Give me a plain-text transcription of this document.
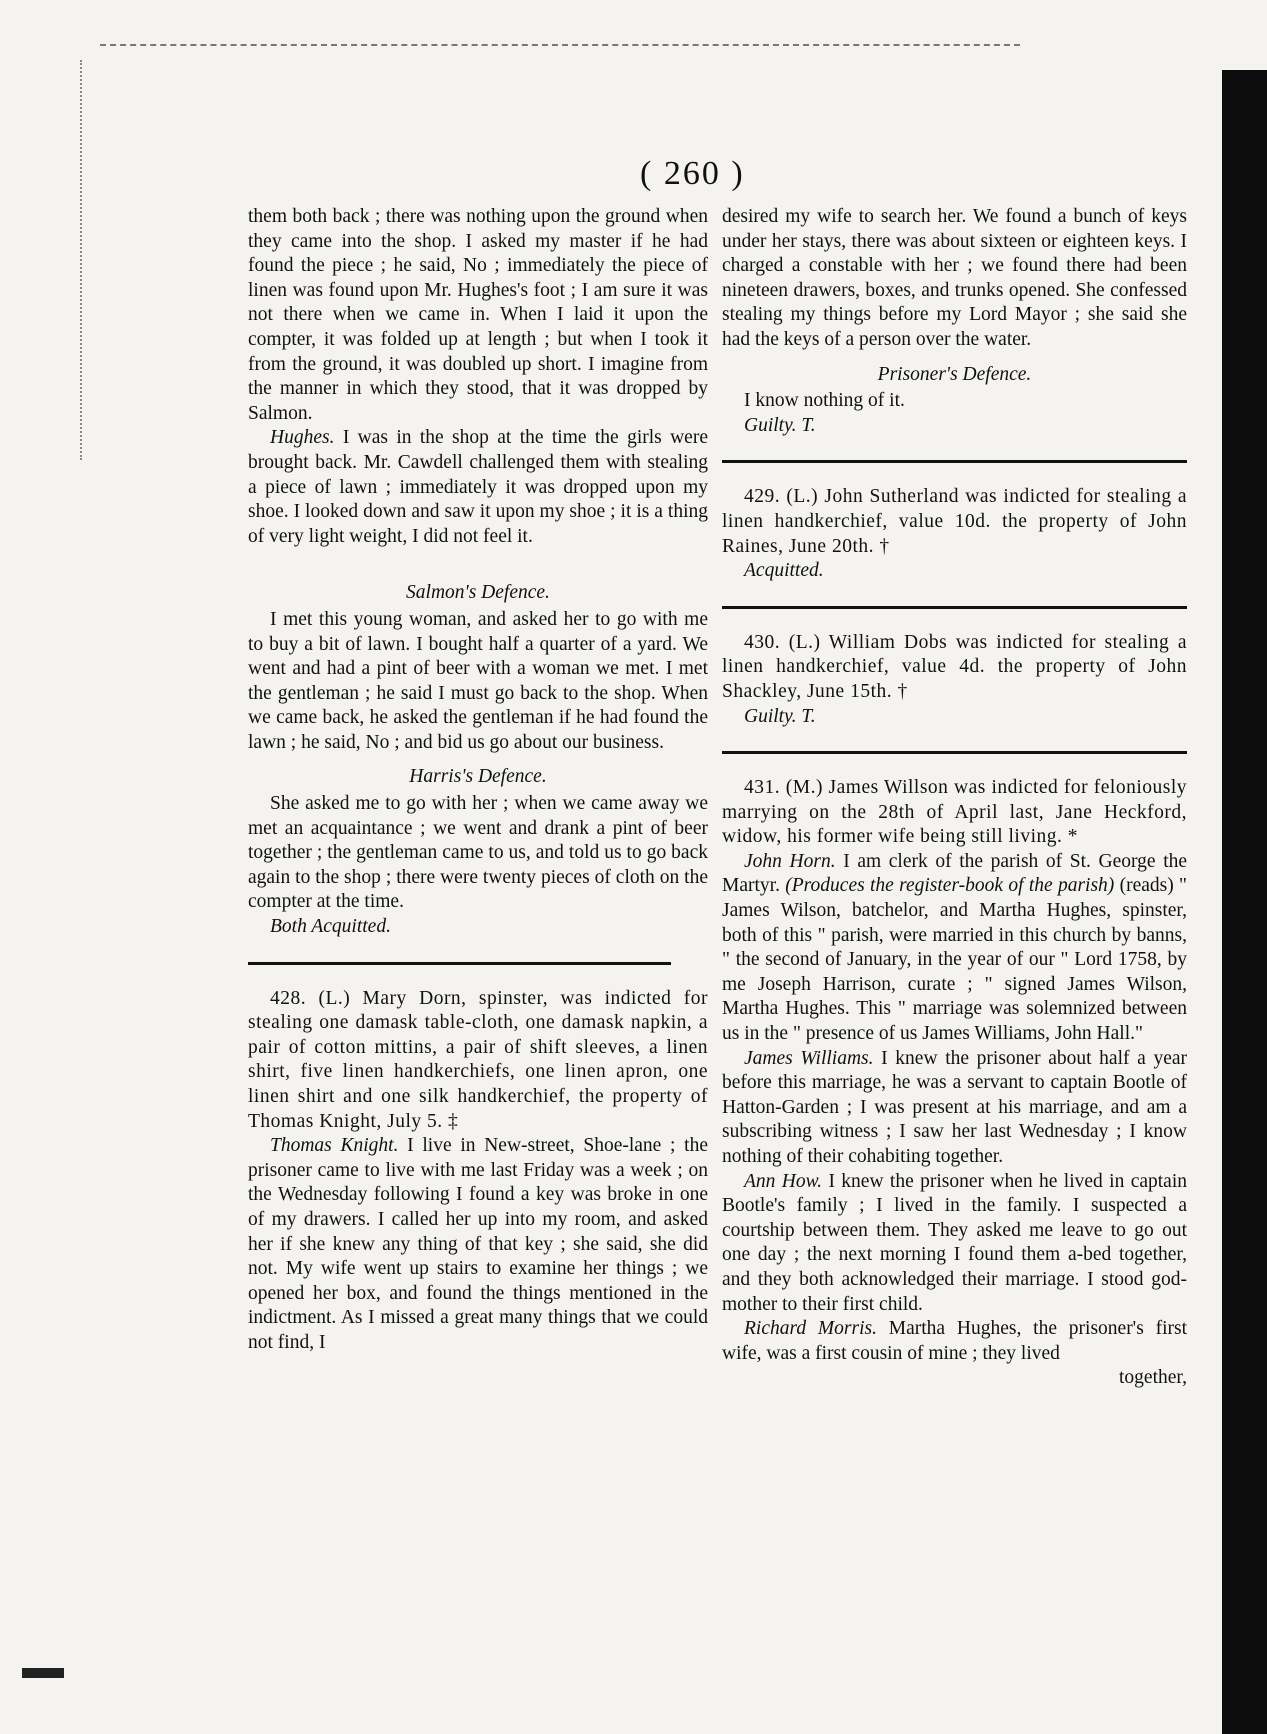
( 260 )

them both back ; there was nothing upon the ground when they came into the shop. I asked my master if he had found the piece ; he said, No ; immediately the piece of linen was found upon Mr. Hughes's foot ; I am sure it was not there when we came in. When I laid it upon the compter, it was folded up at length ; but when I took it from the ground, it was doubled up short. I imagine from the manner in which they stood, that it was dropped by Salmon.

Hughes. I was in the shop at the time the girls were brought back. Mr. Cawdell challenged them with stealing a piece of lawn ; immediately it was dropped upon my shoe. I looked down and saw it upon my shoe ; it is a thing of very light weight, I did not feel it.

Salmon's Defence.

I met this young woman, and asked her to go with me to buy a bit of lawn. I bought half a quarter of a yard. We went and had a pint of beer with a woman we met. I met the gentleman ; he said I must go back to the shop. When we came back, he asked the gentleman if he had found the lawn ; he said, No ; and bid us go about our business.

Harris's Defence.

She asked me to go with her ; when we came away we met an acquaintance ; we went and drank a pint of beer together ; the gentleman came to us, and told us to go back again to the shop ; there were twenty pieces of cloth on the compter at the time.

Both Acquitted.

428. (L.) Mary Dorn, spinster, was indicted for stealing one damask table-cloth, one damask napkin, a pair of cotton mittins, a pair of shift sleeves, a linen shirt, five linen handkerchiefs, one linen apron, one linen shirt and one silk handkerchief, the property of Thomas Knight, July 5. ‡

Thomas Knight. I live in New-street, Shoe-lane ; the prisoner came to live with me last Friday was a week ; on the Wednesday following I found a key was broke in one of my drawers. I called her up into my room, and asked her if she knew any thing of that key ; she said, she did not. My wife went up stairs to examine her things ; we opened her box, and found the things mentioned in the indictment. As I missed a great many things that we could not find, I

desired my wife to search her. We found a bunch of keys under her stays, there was about sixteen or eighteen keys. I charged a constable with her ; we found there had been nineteen drawers, boxes, and trunks opened. She confessed stealing my things before my Lord Mayor ; she said she had the keys of a person over the water.

Prisoner's Defence.
I know nothing of it.
Guilty. T.

429. (L.) John Sutherland was indicted for stealing a linen handkerchief, value 10d. the property of John Raines, June 20th. †

Acquitted.

430. (L.) William Dobs was indicted for stealing a linen handkerchief, value 4d. the property of John Shackley, June 15th. †

Guilty. T.

431. (M.) James Willson was indicted for feloniously marrying on the 28th of April last, Jane Heckford, widow, his former wife being still living. *

John Horn. I am clerk of the parish of St. George the Martyr. (Produces the register-book of the parish) (reads) " James Wilson, batchelor, and Martha Hughes, spinster, both of this " parish, were married in this church by banns, " the second of January, in the year of our " Lord 1758, by me Joseph Harrison, curate ; " signed James Wilson, Martha Hughes. This " marriage was solemnized between us in the " presence of us James Williams, John Hall."

James Williams. I knew the prisoner about half a year before this marriage, he was a servant to captain Bootle of Hatton-Garden ; I was present at his marriage, and am a subscribing witness ; I saw her last Wednesday ; I know nothing of their cohabiting together.

Ann How. I knew the prisoner when he lived in captain Bootle's family ; I lived in the family. I suspected a courtship between them. They asked me leave to go out one day ; the next morning I found them a-bed together, and they both acknowledged their marriage. I stood god-mother to their first child.

Richard Morris. Martha Hughes, the prisoner's first wife, was a first cousin of mine ; they lived

together,
